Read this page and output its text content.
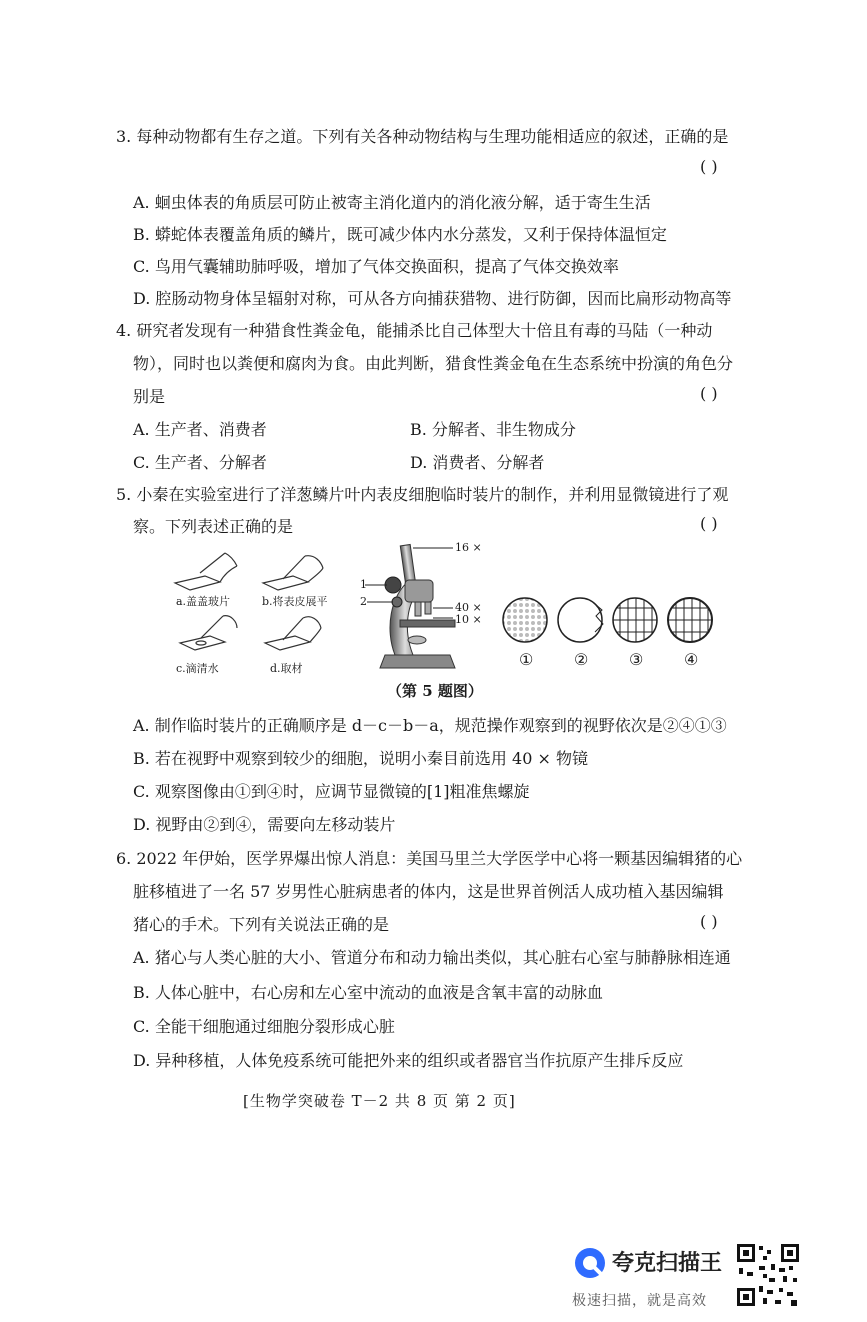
3. 每种动物都有生存之道。下列有关各种动物结构与生理功能相适应的叙述，正确的是
( )
A. 蛔虫体表的角质层可防止被寄主消化道内的消化液分解，适于寄生生活
B. 蟒蛇体表覆盖角质的鳞片，既可减少体内水分蒸发，又利于保持体温恒定
C. 鸟用气囊辅助肺呼吸，增加了气体交换面积，提高了气体交换效率
D. 腔肠动物身体呈辐射对称，可从各方向捕获猎物、进行防御，因而比扁形动物高等
4. 研究者发现有一种猎食性粪金龟，能捕杀比自己体型大十倍且有毒的马陆（一种动
物），同时也以粪便和腐肉为食。由此判断，猎食性粪金龟在生态系统中扮演的角色分
别是	( )
A. 生产者、消费者	B. 分解者、非生物成分
C. 生产者、分解者	D. 消费者、分解者
5. 小秦在实验室进行了洋葱鳞片叶内表皮细胞临时装片的制作，并利用显微镜进行了观
察。下列表述正确的是	( )
a.盖盖玻片	b.将表皮展平
c.滴清水	d.取材
16 ×
1
2	40 ×
10 ×
①	②	③	④
（第 5 题图）
A. 制作临时装片的正确顺序是 d－c－b－a，规范操作观察到的视野依次是②④①③
B. 若在视野中观察到较少的细胞，说明小秦目前选用 40 × 物镜
C. 观察图像由①到④时，应调节显微镜的[1]粗准焦螺旋
D. 视野由②到④，需要向左移动装片
6. 2022 年伊始，医学界爆出惊人消息：美国马里兰大学医学中心将一颗基因编辑猪的心
脏移植进了一名 57 岁男性心脏病患者的体内，这是世界首例活人成功植入基因编辑
猪心的手术。下列有关说法正确的是	( )
A. 猪心与人类心脏的大小、管道分布和动力输出类似，其心脏右心室与肺静脉相连通
B. 人体心脏中，右心房和左心室中流动的血液是含氧丰富的动脉血
C. 全能干细胞通过细胞分裂形成心脏
D. 异种移植，人体免疫系统可能把外来的组织或者器官当作抗原产生排斥反应
[生物学突破卷 T－2 共 8 页 第 2 页]
夸克扫描王
极速扫描，就是高效
